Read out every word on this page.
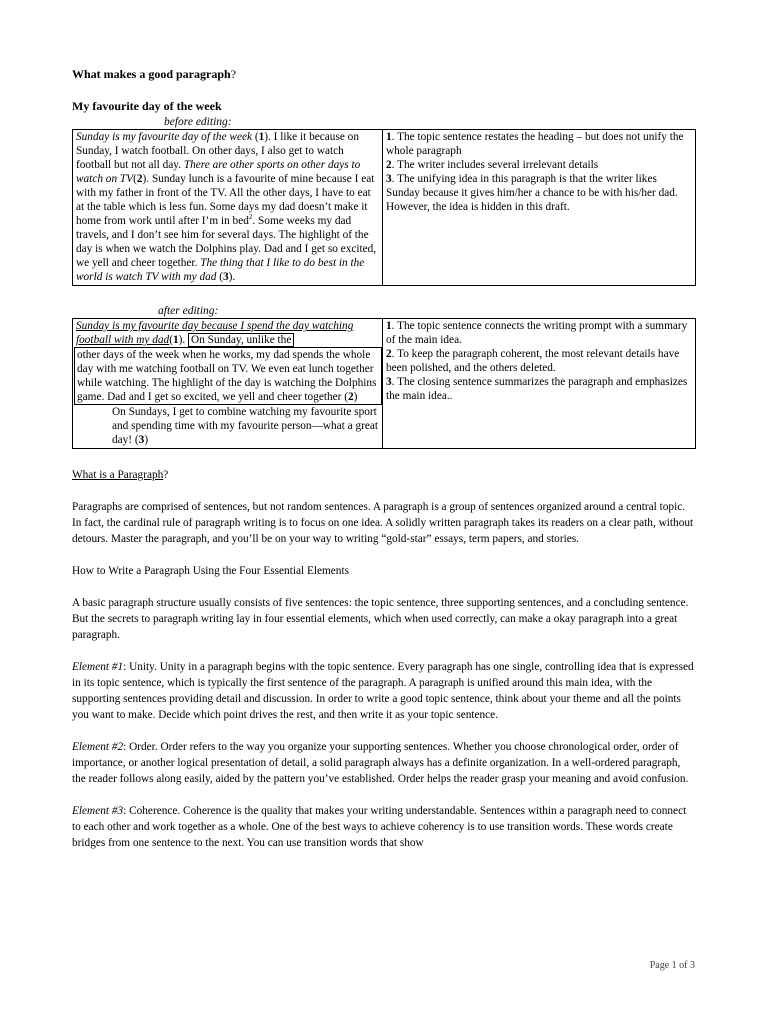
What makes a good paragraph?

My favourite day of the week

before editing:
Sunday is my favourite day of the week (1). I like it because on Sunday, I watch football. On other days, I also get to watch football but not all day. There are other sports on other days to watch on TV(2). Sunday lunch is a favourite of mine because I eat with my father in front of the TV. All the other days, I have to eat at the table which is less fun. Some days my dad doesn’t make it home from work until after I’m in bed$^2$. Some weeks my dad travels, and I don’t see him for several days. The highlight of the day is when we watch the Dolphins play. Dad and I get so excited, we yell and cheer together. The thing that I like to do best in the world is watch TV with my dad (3).	
1. The topic sentence restates the heading – but does not unify the whole paragraph
2. The writer includes several irrelevant details
3. The unifying idea in this paragraph is that the writer likes Sunday because it gives him/her a chance to be with his/her dad. However, the idea is hidden in this draft.
after editing:
Sunday is my favourite day because I spend the day watching football with my dad(1). On Sunday, unlike the
other days of the week when he works, my dad spends the whole day with me watching football on TV. We even eat lunch together while watching. The highlight of the day is watching the Dolphins game. Dad and I get so excited, we yell and cheer together (2)
On Sundays, I get to combine watching my favourite sport and spending time with my favourite person—what a great day! (3)

1. The topic sentence connects the writing prompt with a summary of the main idea.
2. To keep the paragraph coherent, the most relevant details have been polished, and the others deleted.
3. The closing sentence summarizes the paragraph and emphasizes the main idea..

What is a Paragraph?

Paragraphs are comprised of sentences, but not random sentences. A paragraph is a group of sentences organized around a central topic. In fact, the cardinal rule of paragraph writing is to focus on one idea. A solidly written paragraph takes its readers on a clear path, without detours. Master the paragraph, and you’ll be on your way to writing “gold-star” essays, term papers, and stories.

How to Write a Paragraph Using the Four Essential Elements

A basic paragraph structure usually consists of five sentences: the topic sentence, three supporting sentences, and a concluding sentence. But the secrets to paragraph writing lay in four essential elements, which when used correctly, can make a okay paragraph into a great paragraph.

Element #1: Unity. Unity in a paragraph begins with the topic sentence. Every paragraph has one single, controlling idea that is expressed in its topic sentence, which is typically the first sentence of the paragraph. A paragraph is unified around this main idea, with the supporting sentences providing detail and discussion. In order to write a good topic sentence, think about your theme and all the points you want to make. Decide which point drives the rest, and then write it as your topic sentence.

Element #2: Order. Order refers to the way you organize your supporting sentences. Whether you choose chronological order, order of importance, or another logical presentation of detail, a solid paragraph always has a definite organization. In a well-ordered paragraph, the reader follows along easily, aided by the pattern you’ve established. Order helps the reader grasp your meaning and avoid confusion.

Element #3: Coherence. Coherence is the quality that makes your writing understandable. Sentences within a paragraph need to connect to each other and work together as a whole. One of the best ways to achieve coherency is to use transition words. These words create bridges from one sentence to the next. You can use transition words that show

Page 1 of 3
